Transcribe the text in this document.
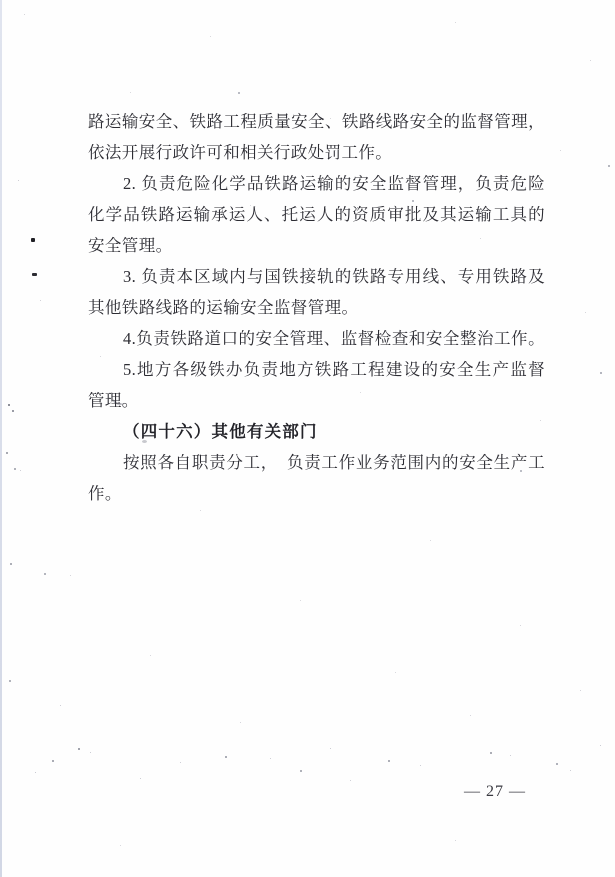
路运输安全、铁路工程质量安全、铁路线路安全的监督管理，
依法开展行政许可和相关行政处罚工作。
2. 负责危险化学品铁路运输的安全监督管理，负责危险
化学品铁路运输承运人、托运人的资质审批及其运输工具的
安全管理。
3. 负责本区域内与国铁接轨的铁路专用线、专用铁路及
其他铁路线路的运输安全监督管理。
4.负责铁路道口的安全管理、监督检查和安全整治工作。
5.地方各级铁办负责地方铁路工程建设的安全生产监督
管理。
（四十六）其他有关部门
按照各自职责分工，　负责工作业务范围内的安全生产工
作。
— 27 —
